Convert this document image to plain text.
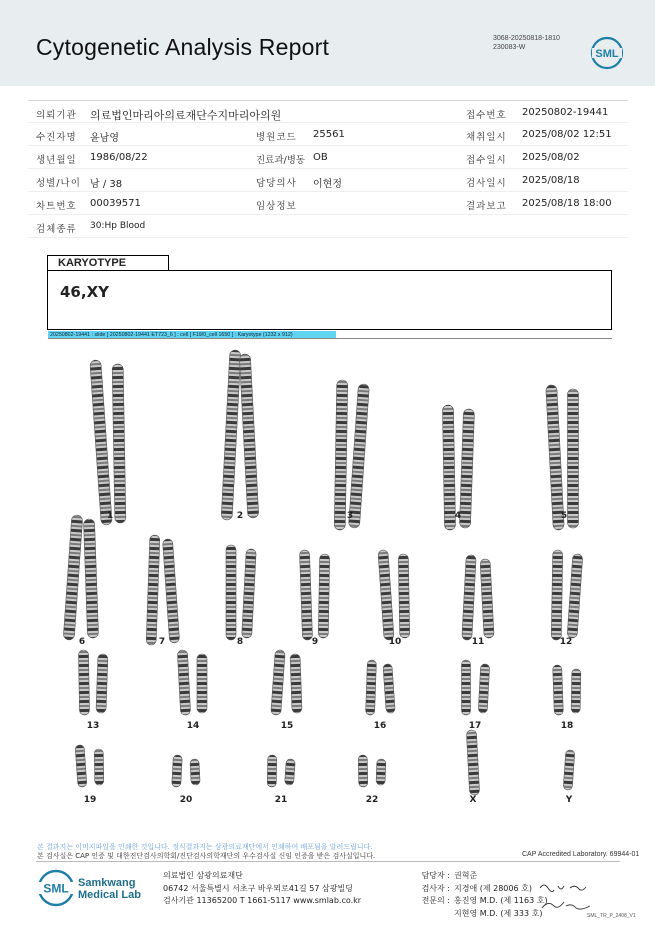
Cytogenetic Analysis Report	3068-20250818-1810
230083-W
SML
의뢰기관 의료법인마리아의료재단수지마리아의원	접수번호 20250802-19441
수진자명 윤남영	병원코드 25561	채취일시 2025/08/02 12:51
생년월일 1986/08/22	진료과/병동 OB	접수일시 2025/08/02
성별/나이 남 / 38	담당의사 이현정	검사일시 2025/08/18
차트번호 00039571	임상정보	결과보고 2025/08/18 18:00
검체종류 30:Hp Blood
KARYOTYPE
46,XY
20250802-19441 : slide [ 20250802-19441 ET723_6 ] : cell [ F19/0_cell 1650 ] : Karyotype (1232 x 912)
1	2	3	4	5
6	7	8	9	10	11	12
13	14	15	16	17	18
19	20	21	22	X	Y
본 결과지는 이미지파일을 인쇄한 것입니다. 정식결과지는 삼광의료재단에서 인쇄하여 배포됨을 알려드립니다.
본 검사실은 CAP 인증 및 대한진단검사의학회/진단검사의학재단의 우수검사실 신임 인증을 받은 검사실입니다.	CAP Accredited Laboratory. 69944-01
SML Samkwang
Medical Lab
의료법인 삼광의료재단
06742 서울특별시 서초구 바우뫼로41길 57 삼광빌딩
검사기관 11365200 T 1661-5117 www.smlab.co.kr
담당자 : 권혁준
검사자 : 지경애 (제 28006 호)
전문의 : 홍진영 M.D. (제 1163 호)
지현영 M.D. (제 333 호)	SML_TR_P_2408_V1
